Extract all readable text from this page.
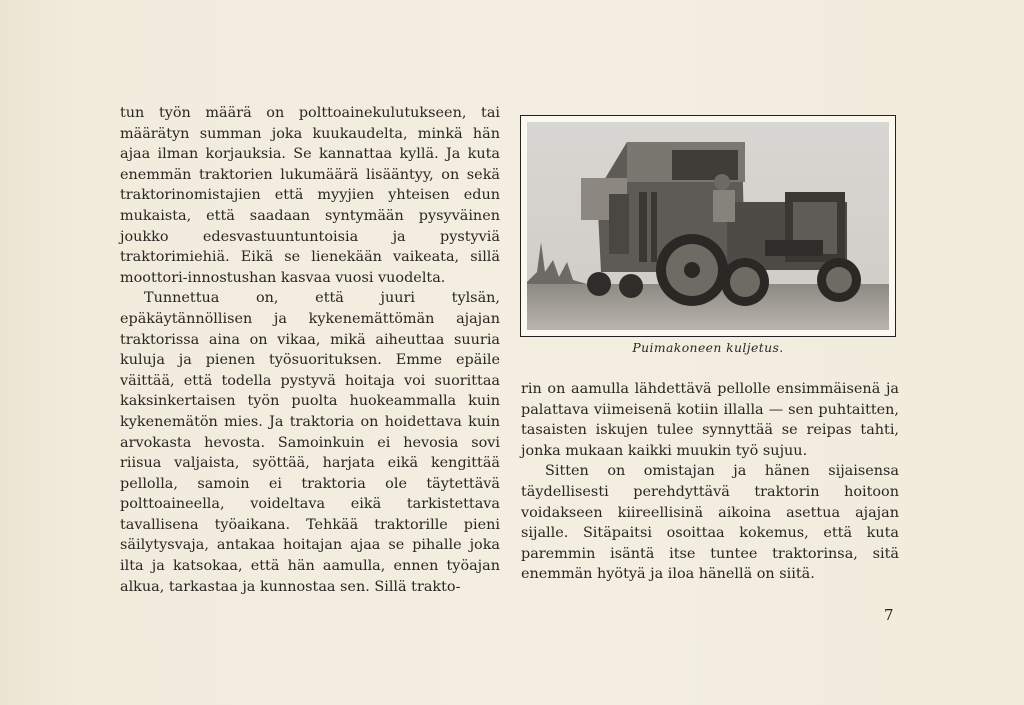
tun työn määrä on polttoainekulutukseen, tai määrätyn summan joka kuukaudelta, minkä hän ajaa ilman korjauksia. Se kannattaa kyllä. Ja kuta enemmän traktorien lukumäärä lisääntyy, on sekä traktorinomistajien että myyjien yhteisen edun mukaista, että saadaan syntymään pysyväinen joukko edesvastuuntuntoisia ja pystyviä traktorimiehiä. Eikä se lienekään vaikeata, sillä moottori-innostushan kasvaa vuosi vuodelta.

Tunnettua on, että juuri tylsän, epäkäytännöllisen ja kykenemättömän ajajan traktorissa aina on vikaa, mikä aiheuttaa suuria kuluja ja pienen työsuorituksen. Emme epäile väittää, että todella pystyvä hoitaja voi suorittaa kaksinkertaisen työn puolta huokeammalla kuin kykenemätön mies. Ja traktoria on hoidettava kuin arvokasta hevosta. Samoinkuin ei hevosia sovi riisua valjaista, syöttää, harjata eikä kengittää pellolla, samoin ei traktoria ole täytettävä polttoaineella, voideltava eikä tarkistettava tavallisena työaikana. Tehkää traktorille pieni säilytysvaja, antakaa hoitajan ajaa se pihalle joka ilta ja katsokaa, että hän aamulla, ennen työajan alkua, tarkastaa ja kunnostaa sen. Sillä trakto-

Puimakoneen kuljetus.

rin on aamulla lähdettävä pellolle ensimmäisenä ja palattava viimeisenä kotiin illalla — sen puhtaitten, tasaisten iskujen tulee synnyttää se reipas tahti, jonka mukaan kaikki muukin työ sujuu.

Sitten on omistajan ja hänen sijaisensa täydellisesti perehdyttävä traktorin hoitoon voidakseen kiireellisinä aikoina asettua ajajan sijalle. Sitäpaitsi osoittaa kokemus, että kuta paremmin isäntä itse tuntee traktorinsa, sitä enemmän hyötyä ja iloa hänellä on siitä.

7
